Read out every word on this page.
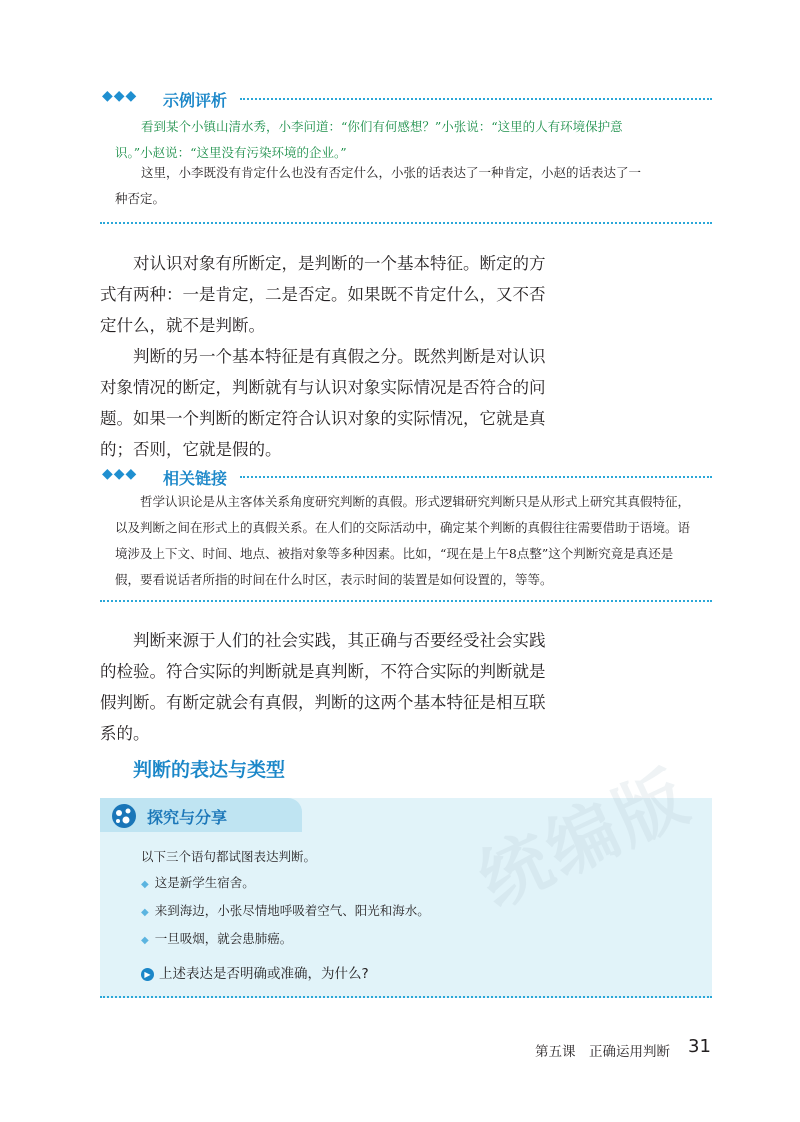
◆◆◆ 示例评析
看到某个小镇山清水秀，小李问道：“你们有何感想？”小张说：“这里的人有环境保护意
识。”小赵说：“这里没有污染环境的企业。”
这里，小李既没有肯定什么也没有否定什么，小张的话表达了一种肯定，小赵的话表达了一
种否定。

对认识对象有所断定，是判断的一个基本特征。断定的方式有两种：一是肯定，二是否定。如果既不肯定什么，又不否定什么，就不是判断。

判断的另一个基本特征是有真假之分。既然判断是对认识对象情况的断定，判断就有与认识对象实际情况是否符合的问题。如果一个判断的断定符合认识对象的实际情况，它就是真的；否则，它就是假的。

◆◆◆ 相关链接

哲学认识论是从主客体关系角度研究判断的真假。形式逻辑研究判断只是从形式上研究其真假特征，以及判断之间在形式上的真假关系。在人们的交际活动中，确定某个判断的真假往往需要借助于语境。语境涉及上下文、时间、地点、被指对象等多种因素。比如，“现在是上午8点整”这个判断究竟是真还是假，要看说话者所指的时间在什么时区，表示时间的装置是如何设置的，等等。

判断来源于人们的社会实践，其正确与否要经受社会实践的检验。符合实际的判断就是真判断，不符合实际的判断就是假判断。有断定就会有真假，判断的这两个基本特征是相互联系的。

判断的表达与类型
探究与分享	统编版
以下三个语句都试图表达判断。
◆ 这是新学生宿舍。
◆ 来到海边，小张尽情地呼吸着空气、阳光和海水。
◆ 一旦吸烟，就会患肺癌。
▶ 上述表达是否明确或准确，为什么?
第五课　正确运用判断 31
